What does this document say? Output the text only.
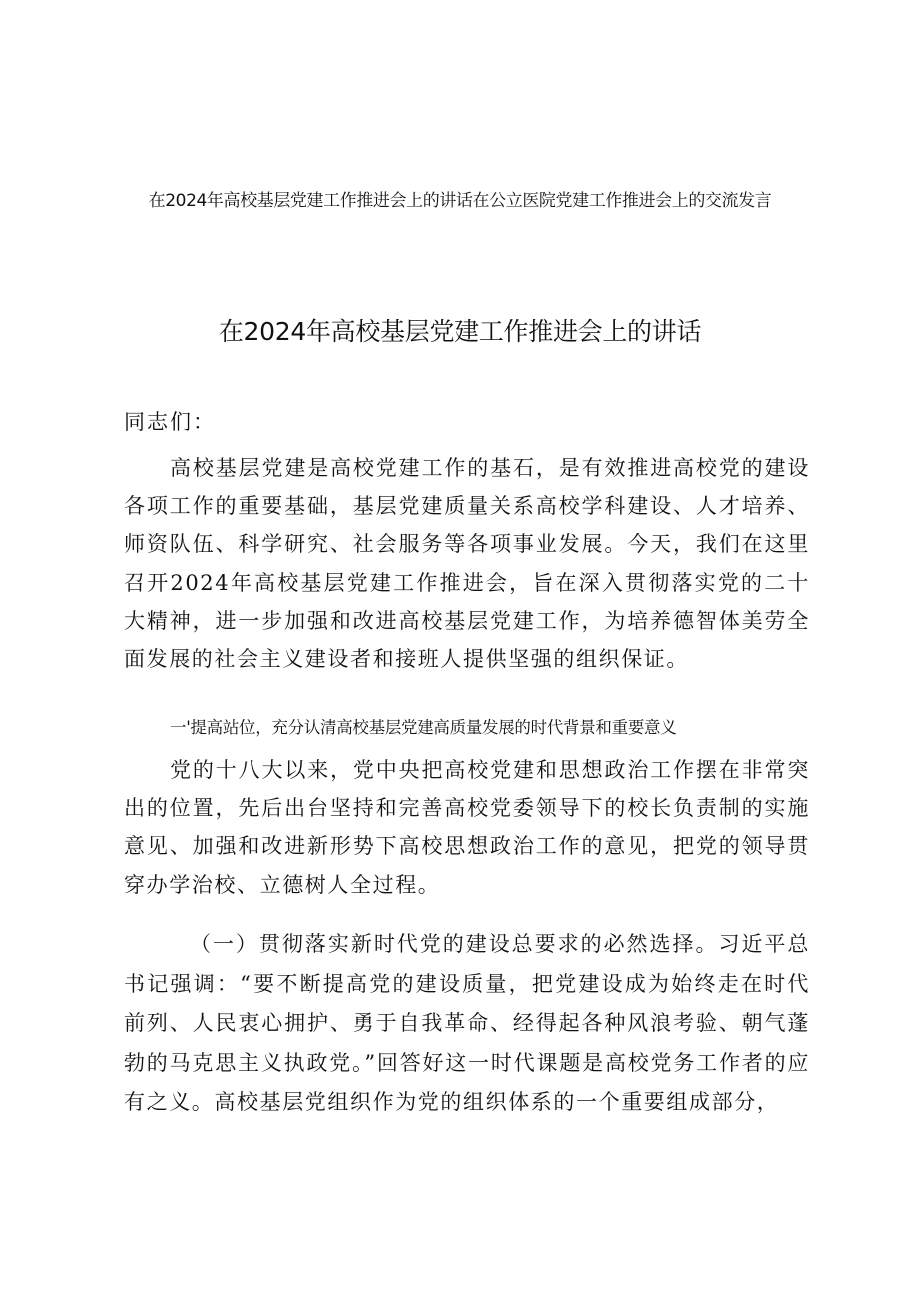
在2024年高校基层党建工作推进会上的讲话在公立医院党建工作推进会上的交流发言
在2024年高校基层党建工作推进会上的讲话
同志们：

高校基层党建是高校党建工作的基石，是有效推进高校党的建设各项工作的重要基础，基层党建质量关系高校学科建设、人才培养、师资队伍、科学研究、社会服务等各项事业发展。今天，我们在这里召开2024年高校基层党建工作推进会，旨在深入贯彻落实党的二十大精神，进一步加强和改进高校基层党建工作，为培养德智体美劳全面发展的社会主义建设者和接班人提供坚强的组织保证。

一'提高站位，充分认清高校基层党建高质量发展的时代背景和重要意义

党的十八大以来，党中央把高校党建和思想政治工作摆在非常突出的位置，先后出台坚持和完善高校党委领导下的校长负责制的实施意见、加强和改进新形势下高校思想政治工作的意见，把党的领导贯穿办学治校、立德树人全过程。

（一）贯彻落实新时代党的建设总要求的必然选择。习近平总书记强调：“要不断提高党的建设质量，把党建设成为始终走在时代前列、人民衷心拥护、勇于自我革命、经得起各种风浪考验、朝气蓬勃的马克思主义执政党。”回答好这一时代课题是高校党务工作者的应有之义。高校基层党组织作为党的组织体系的一个重要组成部分，
